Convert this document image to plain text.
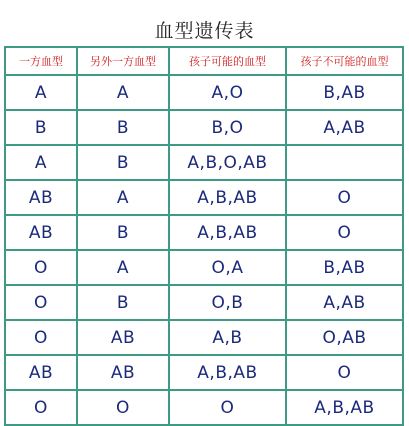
血型遗传表
一方血型	另外一方血型	孩子可能的血型	孩子不可能的血型
A	A	A,O	B,AB
B	B	B,O	A,AB
A	B	A,B,O,AB	
AB	A	A,B,AB	O
AB	B	A,B,AB	O
O	A	O,A	B,AB
O	B	O,B	A,AB
O	AB	A,B	O,AB
AB	AB	A,B,AB	O
O	O	O	A,B,AB
